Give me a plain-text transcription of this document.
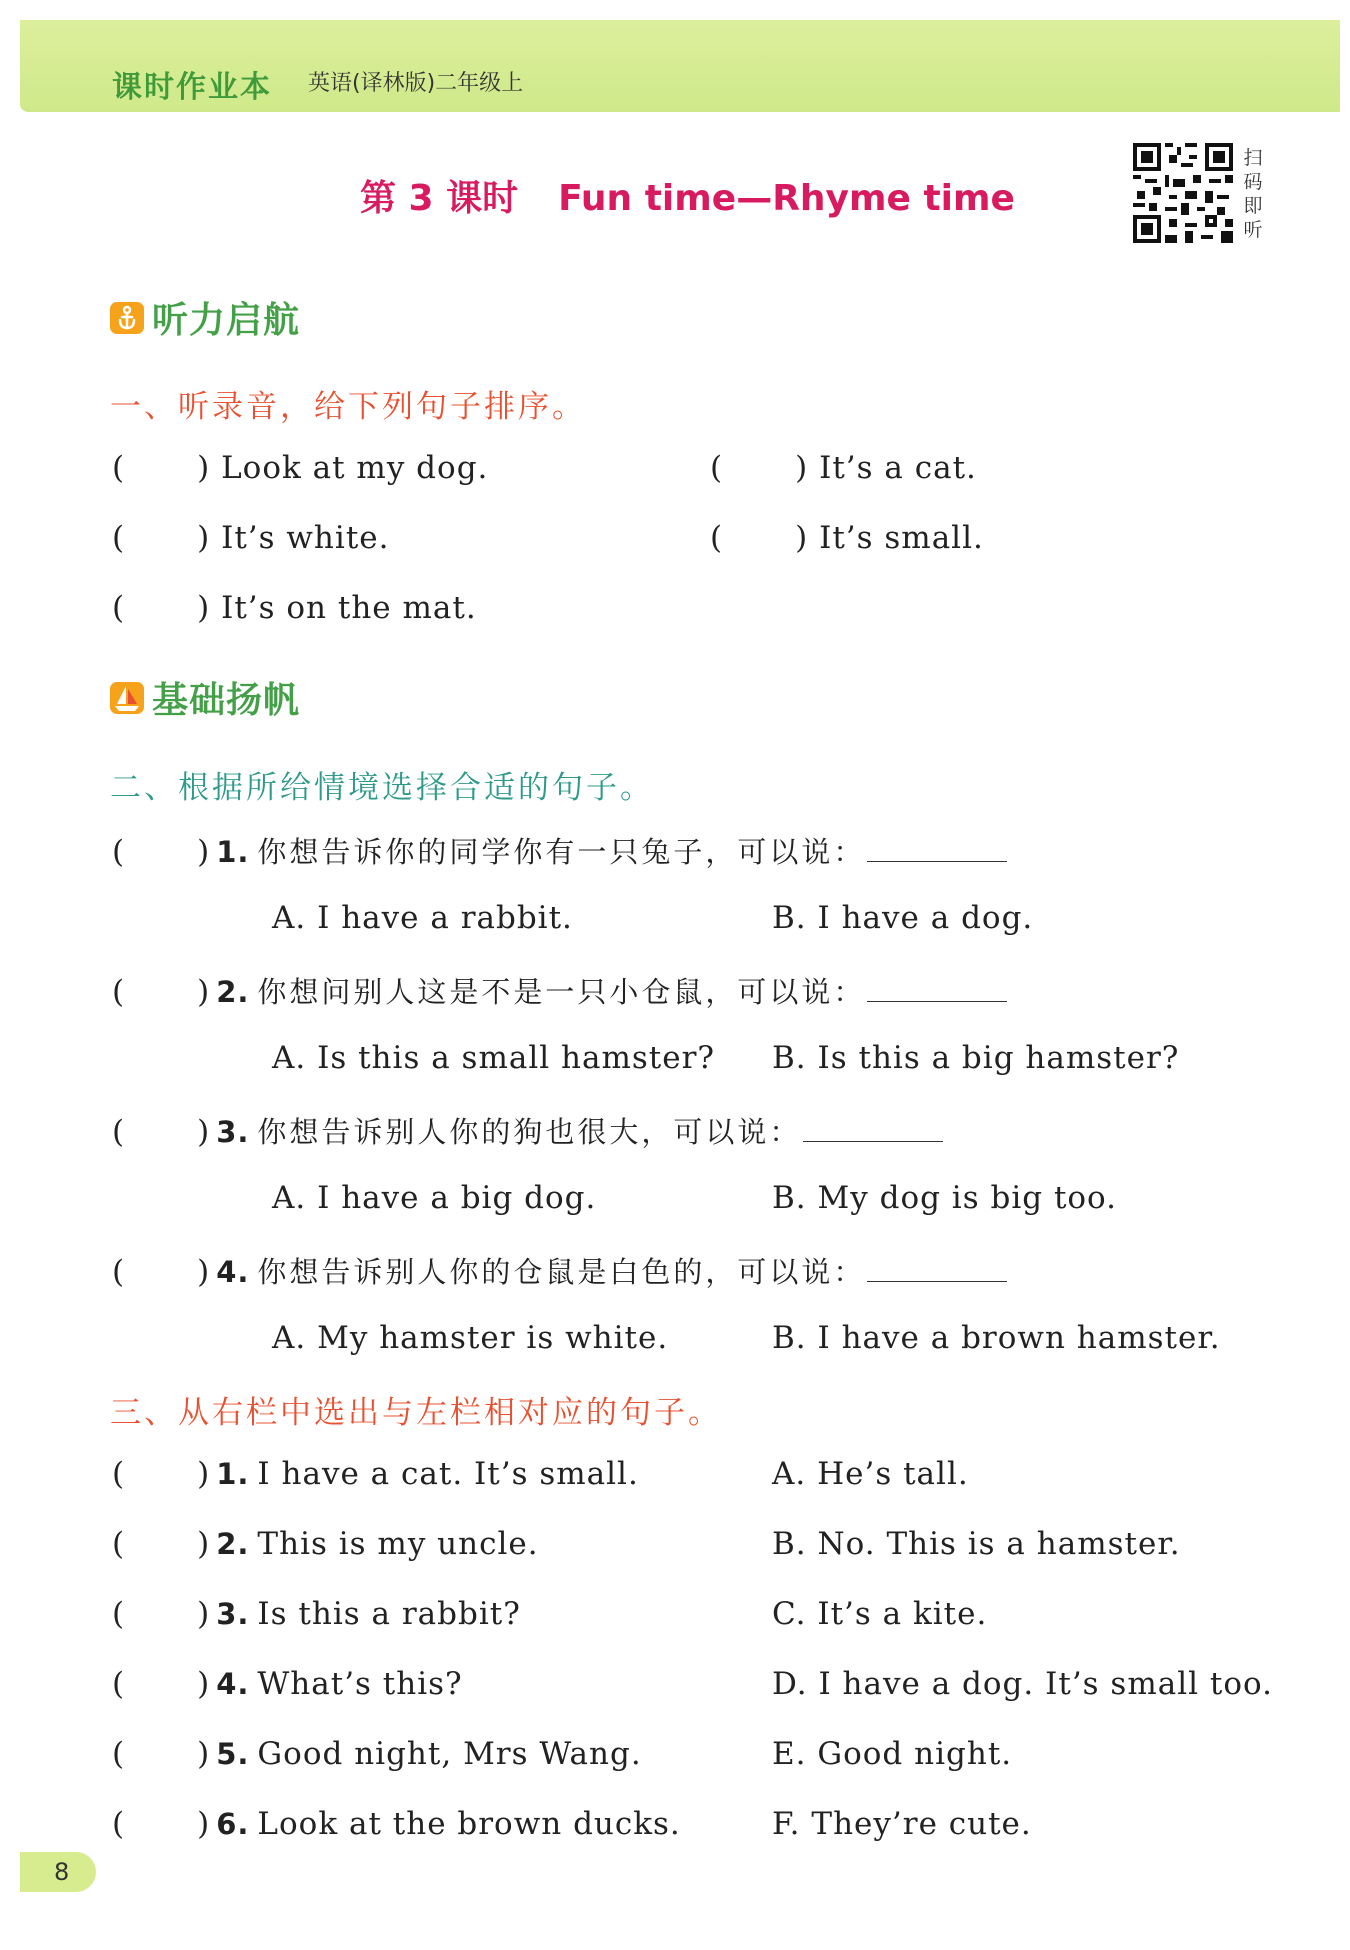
课时作业本 英语(译林版)二年级上
第 3 课时 Fun time—Rhyme time
扫
码
即
听
听力启航
一、听录音，给下列句子排序。
( ) Look at my dog.	( ) It’s a cat.
( ) It’s white.	( ) It’s small.
( ) It’s on the mat.
基础扬帆
二、根据所给情境选择合适的句子。
( ) 1. 你想告诉你的同学你有一只兔子，可以说：
A. I have a rabbit.	B. I have a dog.
( ) 2. 你想问别人这是不是一只小仓鼠，可以说：
A. Is this a small hamster? B. Is this a big hamster?
( ) 3. 你想告诉别人你的狗也很大，可以说：
A. I have a big dog.	B. My dog is big too.
( ) 4. 你想告诉别人你的仓鼠是白色的，可以说：
A. My hamster is white.	B. I have a brown hamster.
三、从右栏中选出与左栏相对应的句子。
( ) 1. I have a cat. It’s small.	A. He’s tall.
( ) 2. This is my uncle.	B. No. This is a hamster.
( ) 3. Is this a rabbit?	C. It’s a kite.
( ) 4. What’s this?	D. I have a dog. It’s small too.
( ) 5. Good night, Mrs Wang.	E. Good night.
( ) 6. Look at the brown ducks.	F. They’re cute.
8
